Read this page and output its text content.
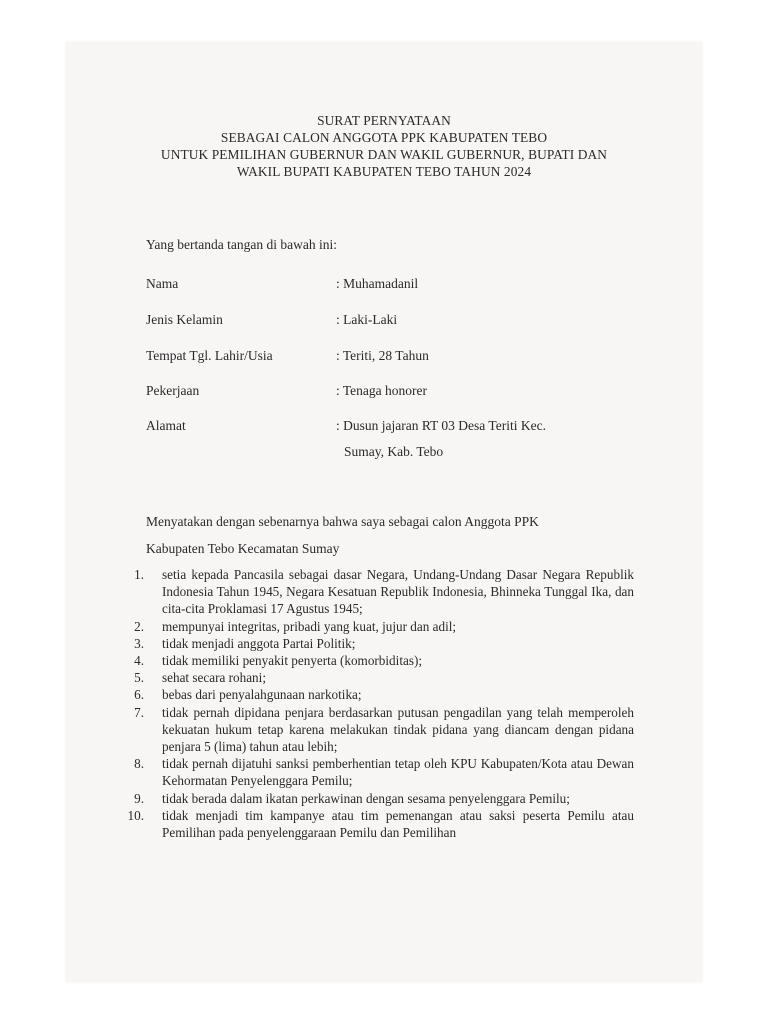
SURAT PERNYATAAN
SEBAGAI CALON ANGGOTA PPK KABUPATEN TEBO
UNTUK PEMILIHAN GUBERNUR DAN WAKIL GUBERNUR, BUPATI DAN
WAKIL BUPATI KABUPATEN TEBO TAHUN 2024
Yang bertanda tangan di bawah ini:
Nama	: Muhamadanil
Jenis Kelamin	: Laki-Laki
Tempat Tgl. Lahir/Usia	: Teriti, 28 Tahun
Pekerjaan	: Tenaga honorer
Alamat	: Dusun jajaran RT 03 Desa Teriti Kec.
Sumay, Kab. Tebo
Menyatakan dengan sebenarnya bahwa saya sebagai calon Anggota PPK
Kabupaten Tebo Kecamatan Sumay
1. setia kepada Pancasila sebagai dasar Negara, Undang-Undang Dasar Negara Republik Indonesia Tahun 1945, Negara Kesatuan Republik Indonesia, Bhinneka Tunggal Ika, dan cita-cita Proklamasi 17 Agustus 1945;
2. mempunyai integritas, pribadi yang kuat, jujur dan adil;
3. tidak menjadi anggota Partai Politik;
4. tidak memiliki penyakit penyerta (komorbiditas);
5. sehat secara rohani;
6. bebas dari penyalahgunaan narkotika;
7. tidak pernah dipidana penjara berdasarkan putusan pengadilan yang telah memperoleh kekuatan hukum tetap karena melakukan tindak pidana yang diancam dengan pidana penjara 5 (lima) tahun atau lebih;
8. tidak pernah dijatuhi sanksi pemberhentian tetap oleh KPU Kabupaten/Kota atau Dewan Kehormatan Penyelenggara Pemilu;
9. tidak berada dalam ikatan perkawinan dengan sesama penyelenggara Pemilu;
10. tidak menjadi tim kampanye atau tim pemenangan atau saksi peserta Pemilu atau Pemilihan pada penyelenggaraan Pemilu dan Pemilihan
